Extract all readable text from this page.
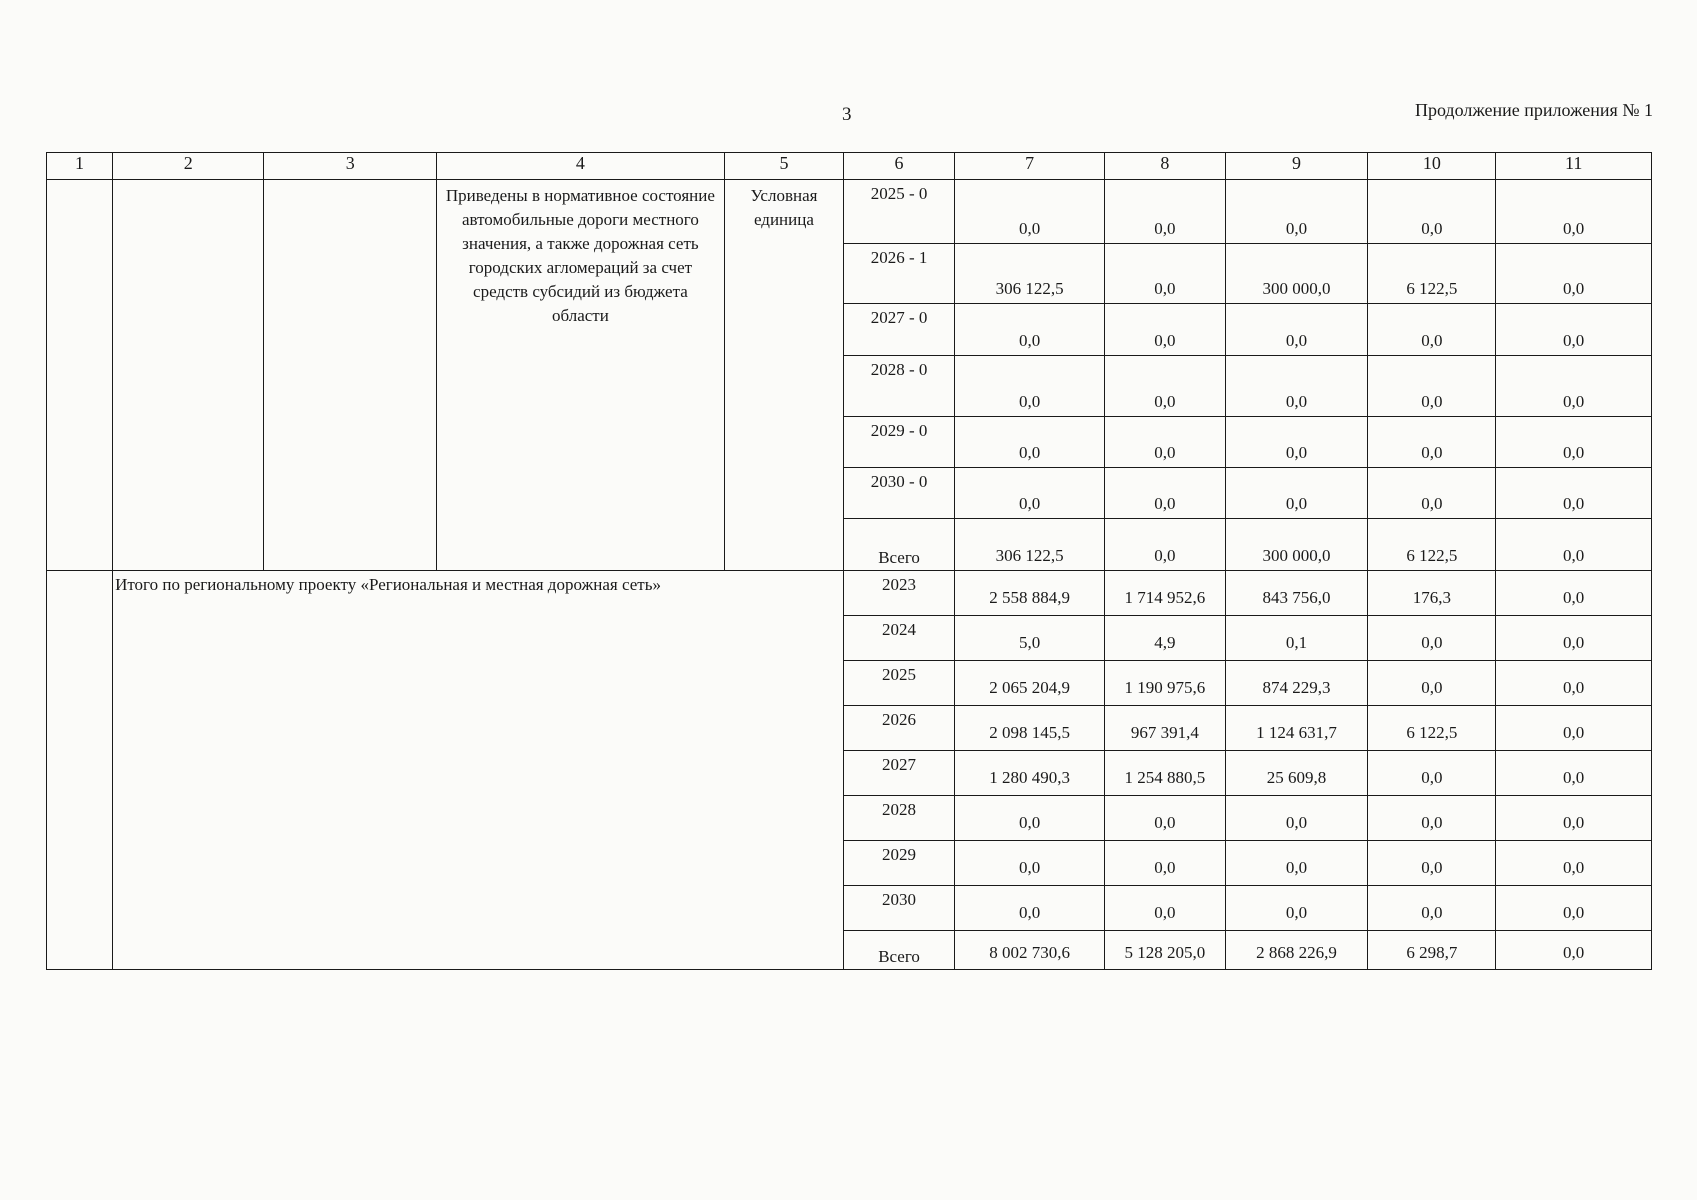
3	Продолжение приложения № 1
1	2	3	4	5	6	7	8	9	10	11
			Приведены в нормативное состояние автомобильные дороги местного значения, а также дорожная сеть городских агломераций за счет средств субсидий из бюджета области	Условная единица	2025 - 0	0,0	0,0	0,0	0,0	0,0
					2026 - 1	306 122,5	0,0	300 000,0	6 122,5	0,0
					2027 - 0	0,0	0,0	0,0	0,0	0,0
					2028 - 0	0,0	0,0	0,0	0,0	0,0
					2029 - 0	0,0	0,0	0,0	0,0	0,0
					2030 - 0	0,0	0,0	0,0	0,0	0,0
					Всего	306 122,5	0,0	300 000,0	6 122,5	0,0
	Итого по региональному проекту «Региональная и местная дорожная сеть»				2023	2 558 884,9	1 714 952,6	843 756,0	176,3	0,0
					2024	5,0	4,9	0,1	0,0	0,0
					2025	2 065 204,9	1 190 975,6	874 229,3	0,0	0,0
					2026	2 098 145,5	967 391,4	1 124 631,7	6 122,5	0,0
					2027	1 280 490,3	1 254 880,5	25 609,8	0,0	0,0
					2028	0,0	0,0	0,0	0,0	0,0
					2029	0,0	0,0	0,0	0,0	0,0
					2030	0,0	0,0	0,0	0,0	0,0
					Всего	8 002 730,6	5 128 205,0	2 868 226,9	6 298,7	0,0
